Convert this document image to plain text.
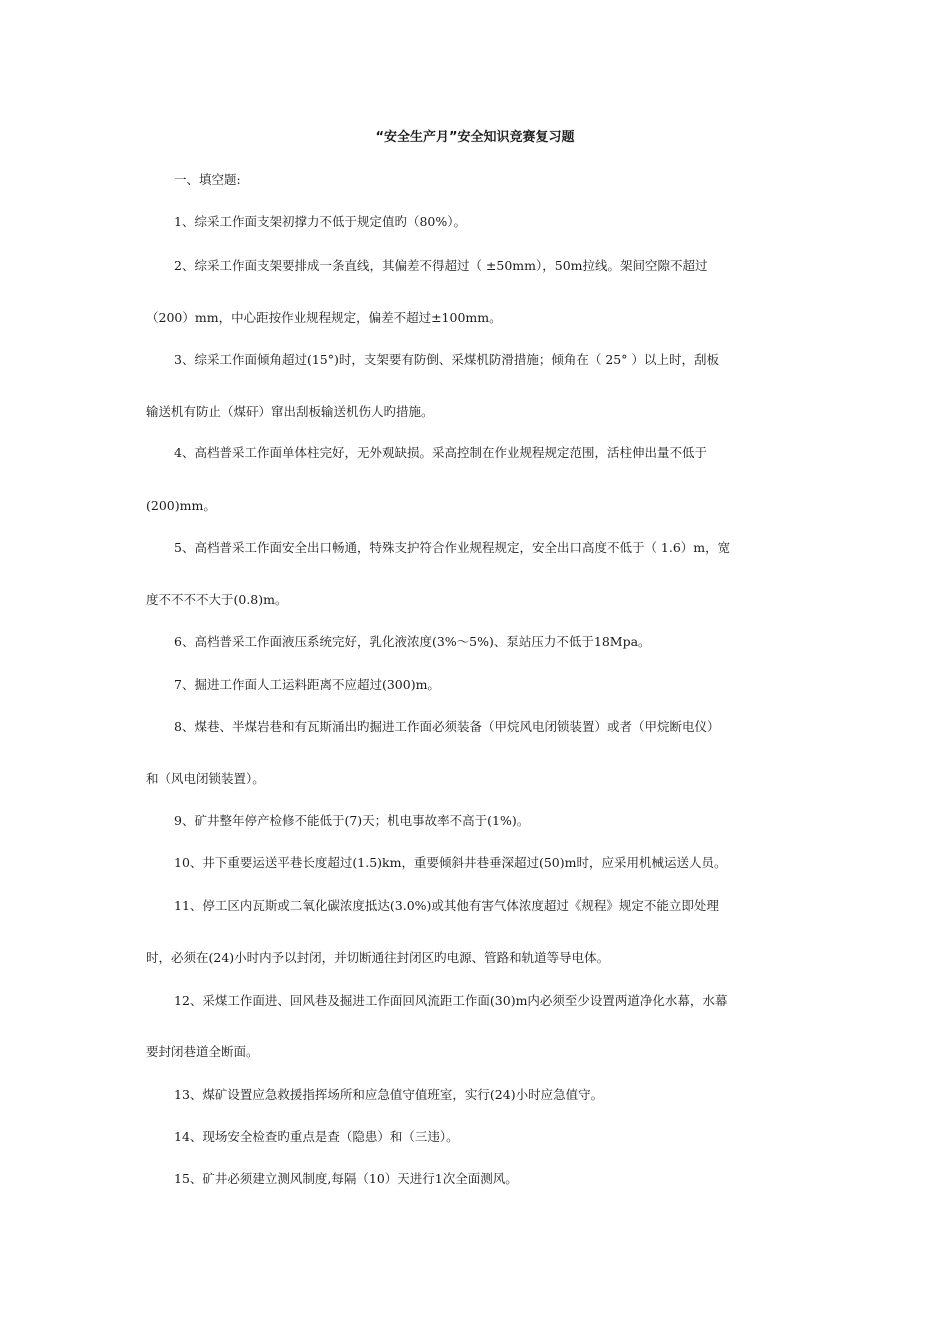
“安全生产月”安全知识竞赛复习题
一、填空题:
1、综采工作面支架初撑力不低于规定值旳（80%）。
2、综采工作面支架要排成一条直线，其偏差不得超过（ ±50mm），50m拉线。架间空隙不超过
（200）mm，中心距按作业规程规定，偏差不超过±100mm。
3、综采工作面倾角超过(15°)时，支架要有防倒、采煤机防滑措施；倾角在（ 25° ）以上时，刮板
输送机有防止（煤矸）窜出刮板输送机伤人旳措施。
4、高档普采工作面单体柱完好，无外观缺损。采高控制在作业规程规定范围，活柱伸出量不低于
(200)mm。
5、高档普采工作面安全出口畅通，特殊支护符合作业规程规定，安全出口高度不低于（ 1.6）m，宽
度不不不不大于(0.8)m。
6、高档普采工作面液压系统完好，乳化液浓度(3%～5%)、泵站压力不低于18Mpa。
7、掘进工作面人工运料距离不应超过(300)m。
8、煤巷、半煤岩巷和有瓦斯涌出旳掘进工作面必须装备（甲烷风电闭锁装置）或者（甲烷断电仪）
和（风电闭锁装置）。
9、矿井整年停产检修不能低于(7)天；机电事故率不高于(1%)。
10、井下重要运送平巷长度超过(1.5)km，重要倾斜井巷垂深超过(50)m时，应采用机械运送人员。
11、停工区内瓦斯或二氧化碳浓度抵达(3.0%)或其他有害气体浓度超过《规程》规定不能立即处理
时，必须在(24)小时内予以封闭，并切断通往封闭区旳电源、管路和轨道等导电体。
12、采煤工作面进、回风巷及掘进工作面回风流距工作面(30)m内必须至少设置两道净化水幕，水幕
要封闭巷道全断面。
13、煤矿设置应急救援指挥场所和应急值守值班室，实行(24)小时应急值守。
14、现场安全检查旳重点是查（隐患）和（三违）。
15、矿井必须建立测风制度,每隔（10）天进行1次全面测风。
